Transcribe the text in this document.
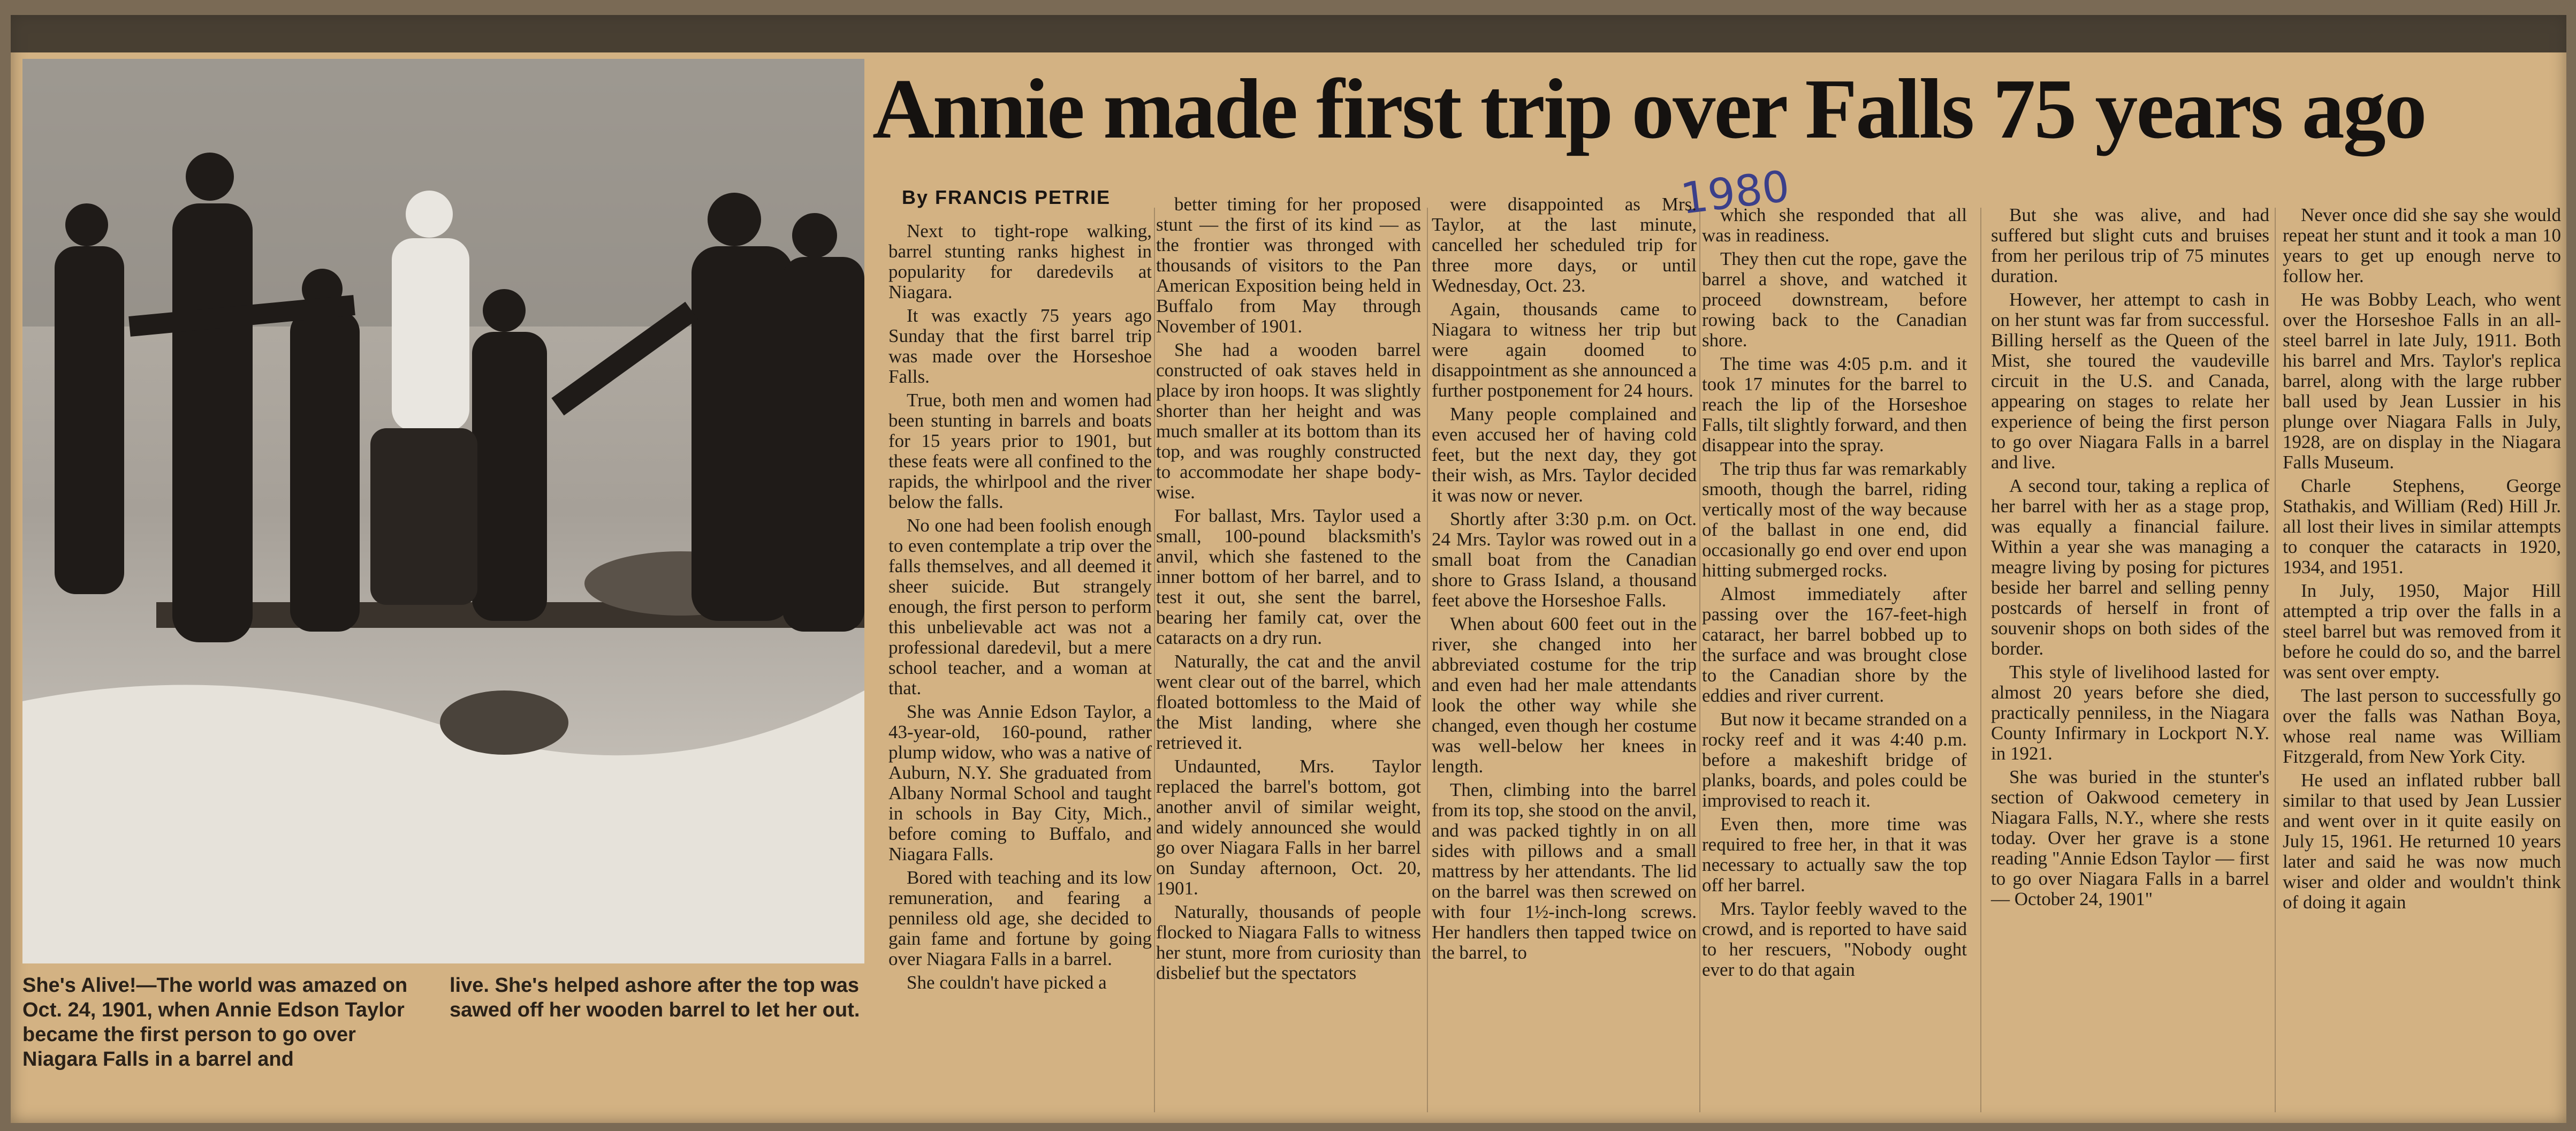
She's Alive!—The world was amazed on Oct. 24, 1901, when Annie Edson Taylor became the first person to go over Niagara Falls in a barrel and
live. She's helped ashore after the top was sawed off her wooden barrel to let her out.
Annie made first trip over Falls 75 years ago
1980
By FRANCIS PETRIE

Next to tight-rope walking, barrel stunting ranks highest in popularity for daredevils at Niagara.

It was exactly 75 years ago Sunday that the first barrel trip was made over the Horseshoe Falls.

True, both men and women had been stunting in barrels and boats for 15 years prior to 1901, but these feats were all confined to the rapids, the whirlpool and the river below the falls.

No one had been foolish enough to even contemplate a trip over the falls themselves, and all deemed it sheer suicide. But strangely enough, the first person to perform this unbelievable act was not a professional daredevil, but a mere school teacher, and a woman at that.

She was Annie Edson Taylor, a 43-year-old, 160-pound, rather plump widow, who was a native of Auburn, N.Y. She graduated from Albany Normal School and taught in schools in Bay City, Mich., before coming to Buffalo, and Niagara Falls.

Bored with teaching and its low remuneration, and fearing a penniless old age, she decided to gain fame and fortune by going over Niagara Falls in a barrel.

She couldn't have picked a

better timing for her proposed stunt — the first of its kind — as the frontier was thronged with thousands of visitors to the Pan American Exposition being held in Buffalo from May through November of 1901.

She had a wooden barrel constructed of oak staves held in place by iron hoops. It was slightly shorter than her height and was much smaller at its bottom than its top, and was roughly constructed to accommodate her shape body-wise.

For ballast, Mrs. Taylor used a small, 100-pound blacksmith's anvil, which she fastened to the inner bottom of her barrel, and to test it out, she sent the barrel, bearing her family cat, over the cataracts on a dry run.

Naturally, the cat and the anvil went clear out of the barrel, which floated bottomless to the Maid of the Mist landing, where she retrieved it.

Undaunted, Mrs. Taylor replaced the barrel's bottom, got another anvil of similar weight, and widely announced she would go over Niagara Falls in her barrel on Sunday afternoon, Oct. 20, 1901.

Naturally, thousands of people flocked to Niagara Falls to witness her stunt, more from curiosity than disbelief but the spectators

were disappointed as Mrs. Taylor, at the last minute, cancelled her scheduled trip for three more days, or until Wednesday, Oct. 23.

Again, thousands came to Niagara to witness her trip but were again doomed to disappointment as she announced a further postponement for 24 hours.

Many people complained and even accused her of having cold feet, but the next day, they got their wish, as Mrs. Taylor decided it was now or never.

Shortly after 3:30 p.m. on Oct. 24 Mrs. Taylor was rowed out in a small boat from the Canadian shore to Grass Island, a thousand feet above the Horseshoe Falls.

When about 600 feet out in the river, she changed into her abbreviated costume for the trip and even had her male attendants look the other way while she changed, even though her costume was well-below her knees in length.

Then, climbing into the barrel from its top, she stood on the anvil, and was packed tightly in on all sides with pillows and a small mattress by her attendants. The lid on the barrel was then screwed on with four 1½-inch-long screws. Her handlers then tapped twice on the barrel, to

which she responded that all was in readiness.

They then cut the rope, gave the barrel a shove, and watched it proceed downstream, before rowing back to the Canadian shore.

The time was 4:05 p.m. and it took 17 minutes for the barrel to reach the lip of the Horseshoe Falls, tilt slightly forward, and then disappear into the spray.

The trip thus far was remarkably smooth, though the barrel, riding vertically most of the way because of the ballast in one end, did occasionally go end over end upon hitting submerged rocks.

Almost immediately after passing over the 167-feet-high cataract, her barrel bobbed up to the surface and was brought close to the Canadian shore by the eddies and river current.

But now it became stranded on a rocky reef and it was 4:40 p.m. before a makeshift bridge of planks, boards, and poles could be improvised to reach it.

Even then, more time was required to free her, in that it was necessary to actually saw the top off her barrel.

Mrs. Taylor feebly waved to the crowd, and is reported to have said to her rescuers, "Nobody ought ever to do that again

But she was alive, and had suffered but slight cuts and bruises from her perilous trip of 75 minutes duration.

However, her attempt to cash in on her stunt was far from successful. Billing herself as the Queen of the Mist, she toured the vaudeville circuit in the U.S. and Canada, appearing on stages to relate her experience of being the first person to go over Niagara Falls in a barrel and live.

A second tour, taking a replica of her barrel with her as a stage prop, was equally a financial failure. Within a year she was managing a meagre living by posing for pictures beside her barrel and selling penny postcards of herself in front of souvenir shops on both sides of the border.

This style of livelihood lasted for almost 20 years before she died, practically penniless, in the Niagara County Infirmary in Lockport N.Y. in 1921.

She was buried in the stunter's section of Oakwood cemetery in Niagara Falls, N.Y., where she rests today. Over her grave is a stone reading "Annie Edson Taylor — first to go over Niagara Falls in a barrel — October 24, 1901"

Never once did she say she would repeat her stunt and it took a man 10 years to get up enough nerve to follow her.

He was Bobby Leach, who went over the Horseshoe Falls in an all-steel barrel in late July, 1911. Both his barrel and Mrs. Taylor's replica barrel, along with the large rubber ball used by Jean Lussier in his plunge over Niagara Falls in July, 1928, are on display in the Niagara Falls Museum.

Charle Stephens, George Stathakis, and William (Red) Hill Jr. all lost their lives in similar attempts to conquer the cataracts in 1920, 1934, and 1951.

In July, 1950, Major Hill attempted a trip over the falls in a steel barrel but was removed from it before he could do so, and the barrel was sent over empty.

The last person to successfully go over the falls was Nathan Boya, whose real name was William Fitzgerald, from New York City.

He used an inflated rubber ball similar to that used by Jean Lussier and went over in it quite easily on July 15, 1961. He returned 10 years later and said he was now much wiser and older and wouldn't think of doing it again
